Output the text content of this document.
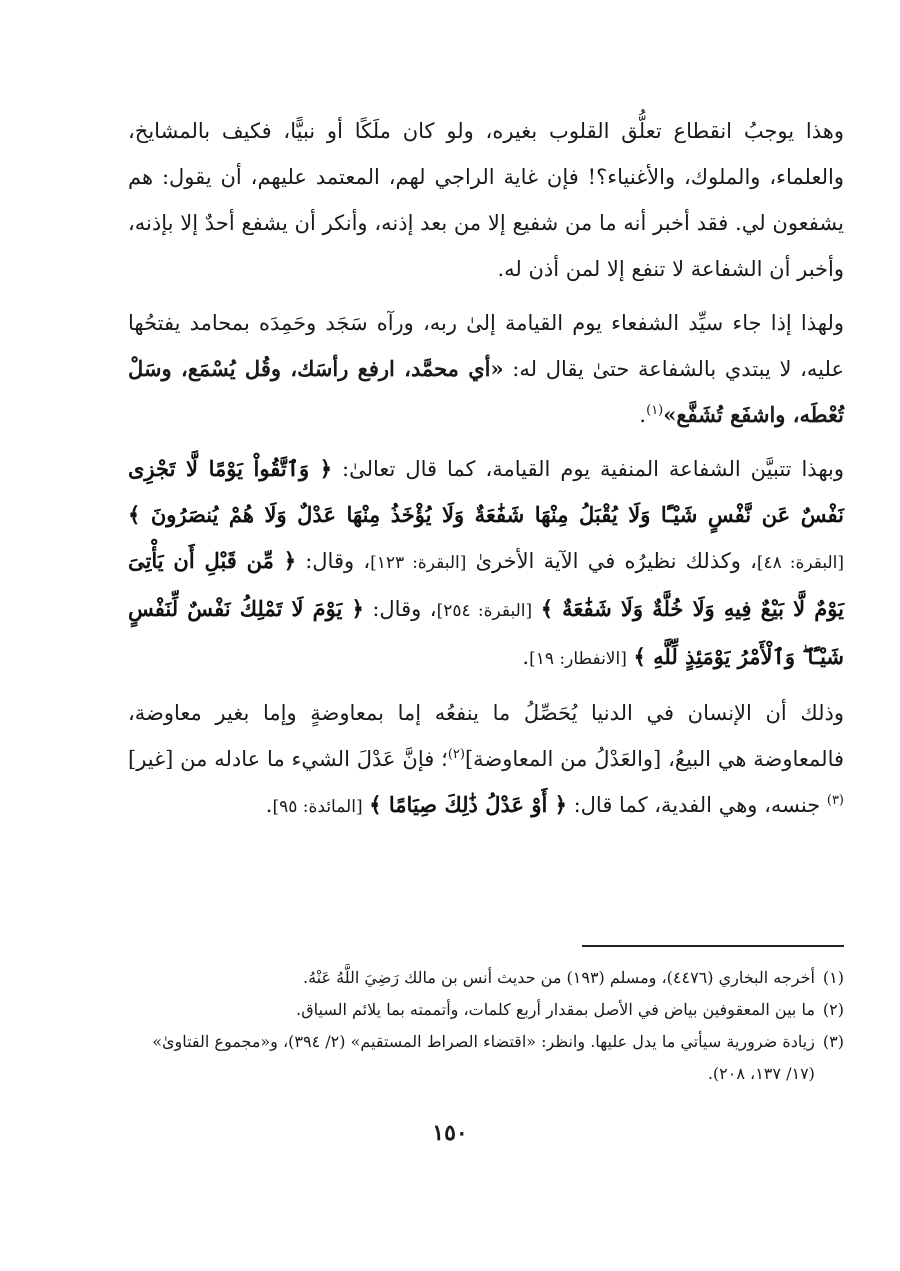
وهذا يوجبُ انقطاع تعلُّق القلوب بغيره، ولو كان ملَكًا أو نبيًّا، فكيف بالمشايخ، والعلماء، والملوك، والأغنياء؟! فإن غاية الراجي لهم، المعتمد عليهم، أن يقول: هم يشفعون لي. فقد أخبر أنه ما من شفيع إلا من بعد إذنه، وأنكر أن يشفع أحدٌ إلا بإذنه، وأخبر أن الشفاعة لا تنفع إلا لمن أذن له.

ولهذا إذا جاء سيِّد الشفعاء يوم القيامة إلىٰ ربه، ورآه سَجَد وحَمِدَه بمحامد يفتحُها عليه، لا يبتدي بالشفاعة حتىٰ يقال له: «أي محمَّد، ارفع رأسَك، وقُل يُسْمَع، وسَلْ تُعْطَه، واشفَع تُشَفَّع»$^{(١)}$.

وبهذا تتبيَّن الشفاعة المنفية يوم القيامة، كما قال تعالىٰ: ﴿ وَٱتَّقُواْ يَوْمًا لَّا تَجْزِى نَفْسٌ عَن نَّفْسٍ شَيْـًٔا وَلَا يُقْبَلُ مِنْهَا شَفَٰعَةٌ وَلَا يُؤْخَذُ مِنْهَا عَدْلٌ وَلَا هُمْ يُنصَرُونَ ﴾ [البقرة: ٤٨]، وكذلك نظيرُه في الآية الأخرىٰ [البقرة: ١٢٣]، وقال: ﴿ مِّن قَبْلِ أَن يَأْتِىَ يَوْمٌ لَّا بَيْعٌ فِيهِ وَلَا خُلَّةٌ وَلَا شَفَٰعَةٌ ﴾ [البقرة: ٢٥٤]، وقال: ﴿ يَوْمَ لَا تَمْلِكُ نَفْسٌ لِّنَفْسٍ شَيْـًٔا ۖ وَٱلْأَمْرُ يَوْمَئِذٍ لِّلَّهِ ﴾ [الانفطار: ١٩].

وذلك أن الإنسان في الدنيا يُحَصِّلُ ما ينفعُه إما بمعاوضةٍ وإما بغير معاوضة، فالمعاوضة هي البيعُ، [والعَدْلُ من المعاوضة]$^{(٢)}$؛ فإنَّ عَدْلَ الشيء ما عادله من [غير]$^{(٣)}$ جنسه، وهي الفدية، كما قال: ﴿ أَوْ عَدْلُ ذَٰلِكَ صِيَامًا ﴾ [المائدة: ٩٥].

(١)
أخرجه البخاري (٤٤٧٦)، ومسلم (١٩٣) من حديث أنس بن مالك رَضِيَ اللَّهُ عَنْهُ.
(٢)
ما بين المعقوفين بياض في الأصل بمقدار أربع كلمات، وأتممته بما يلائم السياق.
(٣)
زيادة ضرورية سيأتي ما يدل عليها. وانظر: «اقتضاء الصراط المستقيم» (٢/ ٣٩٤)، و«مجموع الفتاوىٰ» (١٧/ ١٣٧، ٢٠٨).
١٥٠
